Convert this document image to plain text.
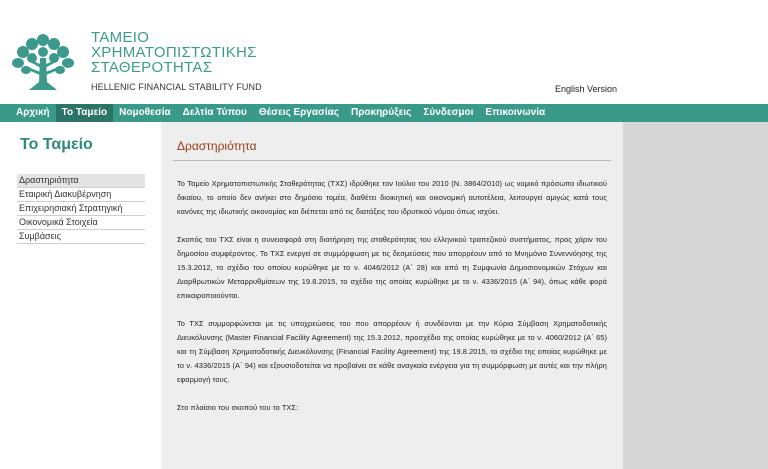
ΤΑΜΕΙΟ
ΧΡΗΜΑΤΟΠΙΣΤΩΤΙΚΗΣ
ΣΤΑΘΕΡΟΤΗΤΑΣ
HELLENIC FINANCIAL STABILITY FUND	English Version
Αρχική	Το Ταμείο	Νομοθεσία	Δελτία Τύπου	Θέσεις Εργασίας	Προκηρύξεις	Σύνδεσμοι	Επικοινωνία
Το Ταμείο
Δραστηριότητα
Εταιρική Διακυβέρνηση
Επιχειρησιακή Στρατηγική
Οικονομικά Στοιχεία
Συμβάσεις
Δραστηριότητα

Το Ταμείο Χρηματοπιστωτικής Σταθερότητας (ΤΧΣ) ιδρύθηκε τον Ιούλιο του 2010 (Ν. 3864/2010) ως νομικό πρόσωπο ιδιωτικού δικαίου, το οποίο δεν ανήκει στο δημόσιο τομέα, διαθέτει διοικητική και οικονομική αυτοτέλεια, λειτουργεί αμιγώς κατά τους κανόνες της ιδιωτικής οικονομίας και διέπεται από τις διατάξεις του ιδρυτικού νόμου όπως ισχύει.

Σκοπός του ΤΧΣ είναι η συνεισφορά στη διατήρηση της σταθερότητας του ελληνικού τραπεζικού συστήματος, προς χάριν του δημοσίου συμφέροντος. Το ΤΧΣ ενεργεί σε συμμόρφωση με τις δεσμεύσεις που απορρέουν από το Μνημόνιο Συνεννόησης της 15.3.2012, το σχέδιο του οποίου κυρώθηκε με το ν. 4046/2012 (Α΄ 28) και από τη Συμφωνία Δημοσιονομικών Στόχων και Διαρθρωτικών Μεταρρυθμίσεων της 19.8.2015, το σχέδιο της οποίας κυρώθηκε με το ν. 4336/2015 (Α΄ 94), όπως κάθε φορά επικαιροποιούνται.

Το ΤΧΣ συμμορφώνεται με τις υποχρεώσεις του που απορρέουν ή συνδέονται με την Κύρια Σύμβαση Χρηματοδοτικής Διευκόλυνσης (Master Financial Facility Agreement) της 15.3.2012, προσχέδιο της οποίας κυρώθηκε με το ν. 4060/2012 (Α΄ 65) και τη Σύμβαση Χρηματοδοτικής Διευκόλυνσης (Financial Facility Agreement) της 19.8.2015, το σχέδιο της οποίας κυρώθηκε με το ν. 4336/2015 (Α΄ 94) και εξουσιοδοτείται να προβαίνει σε κάθε αναγκαία ενέργεια για τη συμμόρφωση με αυτές και την πλήρη εφαρμογή τους.

Στο πλαίσιο του σκοπού του το ΤΧΣ:
